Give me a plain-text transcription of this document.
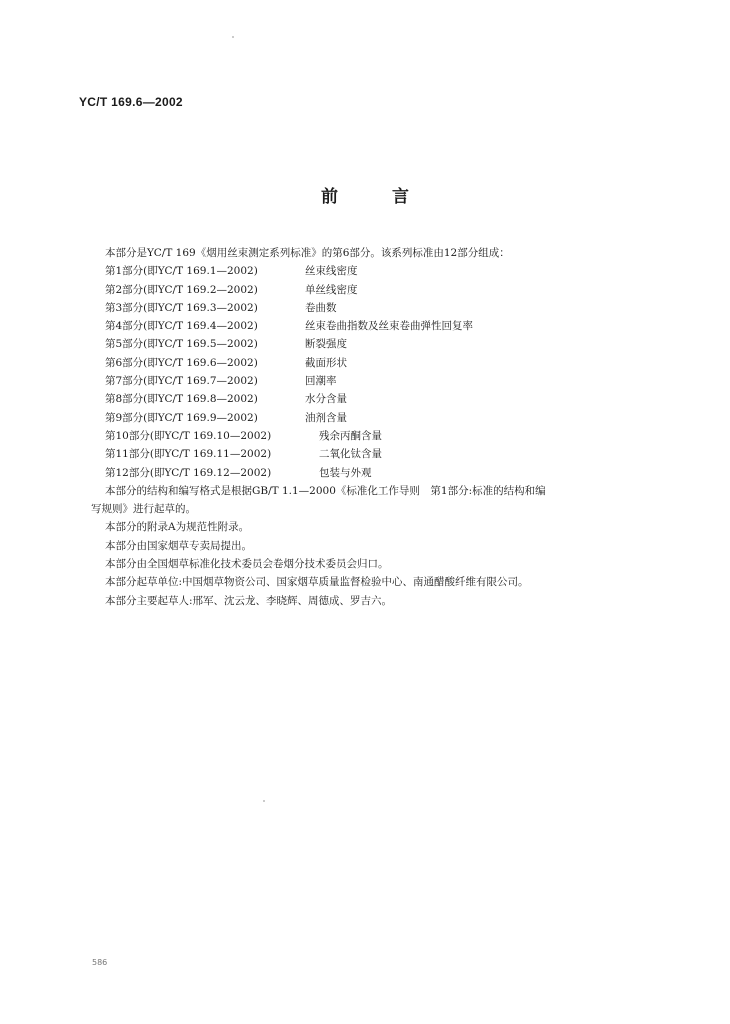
YC/T 169.6—2002
前	言
本部分是YC/T 169《烟用丝束测定系列标准》的第6部分。该系列标准由12部分组成：
第1部分(即YC/T 169.1—2002)	丝束线密度
第2部分(即YC/T 169.2—2002)	单丝线密度
第3部分(即YC/T 169.3—2002)	卷曲数
第4部分(即YC/T 169.4—2002)	丝束卷曲指数及丝束卷曲弹性回复率
第5部分(即YC/T 169.5—2002)	断裂强度
第6部分(即YC/T 169.6—2002)	截面形状
第7部分(即YC/T 169.7—2002)	回潮率
第8部分(即YC/T 169.8—2002)	水分含量
第9部分(即YC/T 169.9—2002)	油剂含量
第10部分(即YC/T 169.10—2002)	残余丙酮含量
第11部分(即YC/T 169.11—2002)	二氧化钛含量
第12部分(即YC/T 169.12—2002)	包装与外观
本部分的结构和编写格式是根据GB/T 1.1—2000《标准化工作导则　第1部分:标准的结构和编
写规则》进行起草的。
本部分的附录A为规范性附录。
本部分由国家烟草专卖局提出。
本部分由全国烟草标准化技术委员会卷烟分技术委员会归口。
本部分起草单位:中国烟草物资公司、国家烟草质量监督检验中心、南通醋酸纤维有限公司。
本部分主要起草人:邢军、沈云龙、李晓辉、周德成、罗吉六。
586
